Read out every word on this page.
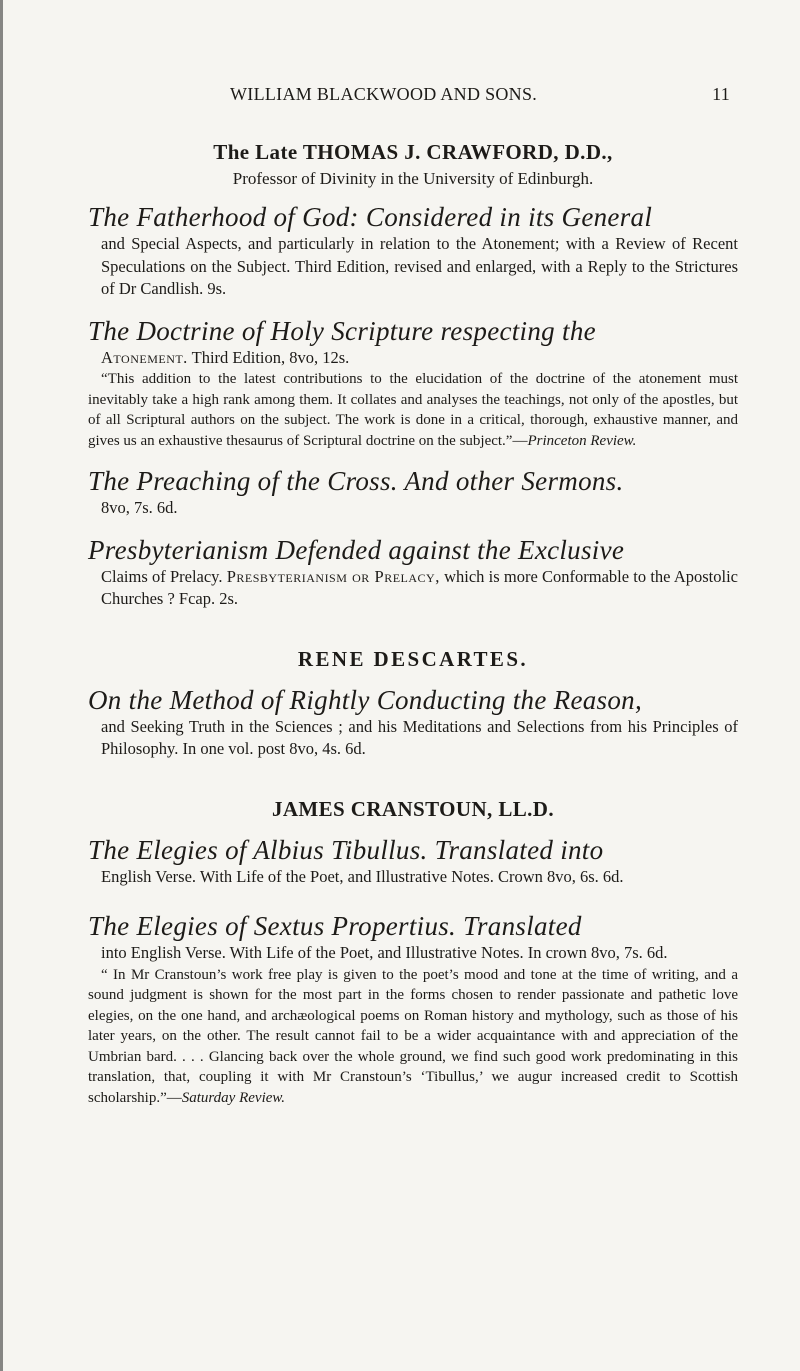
WILLIAM BLACKWOOD AND SONS.	11

The Late THOMAS J. CRAWFORD, D.D.,

Professor of Divinity in the University of Edinburgh.

The Fatherhood of God: Considered in its General

and Special Aspects, and particularly in relation to the Atonement; with a Review of Recent Speculations on the Subject. Third Edition, revised and enlarged, with a Reply to the Strictures of Dr Candlish. 9s.

The Doctrine of Holy Scripture respecting the

Atonement. Third Edition, 8vo, 12s.

“This addition to the latest contributions to the elucidation of the doctrine of the atonement must inevitably take a high rank among them. It collates and analyses the teachings, not only of the apostles, but of all Scriptural authors on the subject. The work is done in a critical, thorough, exhaustive manner, and gives us an exhaustive thesaurus of Scriptural doctrine on the subject.”—Princeton Review.

The Preaching of the Cross. And other Sermons.

8vo, 7s. 6d.

Presbyterianism Defended against the Exclusive

Claims of Prelacy. Presbyterianism or Prelacy, which is more Conformable to the Apostolic Churches ? Fcap. 2s.

RENE DESCARTES.

On the Method of Rightly Conducting the Reason,

and Seeking Truth in the Sciences ; and his Meditations and Selections from his Principles of Philosophy. In one vol. post 8vo, 4s. 6d.

JAMES CRANSTOUN, LL.D.

The Elegies of Albius Tibullus. Translated into

English Verse. With Life of the Poet, and Illustrative Notes. Crown 8vo, 6s. 6d.

The Elegies of Sextus Propertius. Translated

into English Verse. With Life of the Poet, and Illustrative Notes. In crown 8vo, 7s. 6d.

“ In Mr Cranstoun’s work free play is given to the poet’s mood and tone at the time of writing, and a sound judgment is shown for the most part in the forms chosen to render passionate and pathetic love elegies, on the one hand, and archæological poems on Roman history and mythology, such as those of his later years, on the other. The result cannot fail to be a wider acquaintance with and appreciation of the Umbrian bard. . . . Glancing back over the whole ground, we find such good work predominating in this translation, that, coupling it with Mr Cranstoun’s ‘Tibullus,’ we augur increased credit to Scottish scholarship.”—Saturday Review.
